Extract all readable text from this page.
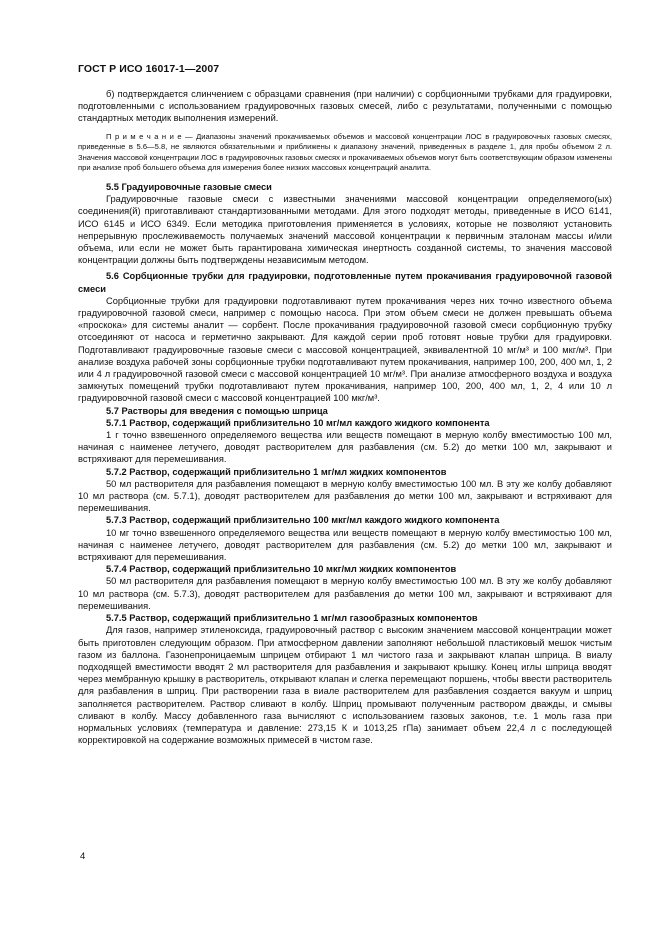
ГОСТ Р ИСО 16017-1—2007

б) подтверждается слинчением с образцами сравнения (при наличии) с сорбционными трубками для градуировки, подготовленными с использованием градуировочных газовых смесей, либо с результатами, полученными с помощью стандартных методик выполнения измерений.

П р и м е ч а н и е — Диапазоны значений прокачиваемых объемов и массовой концентрации ЛОС в градуировочных газовых смесях, приведенные в 5.6—5.8, не являются обязательными и приближены к диапазону значений, приведенных в разделе 1, для пробы объемом 2 л. Значения массовой концентрации ЛОС в градуировочных газовых смесях и прокачиваемых объемов могут быть соответствующим образом изменены при анализе проб большего объема для измерения более низких массовых концентраций аналита.

5.5 Градуировочные газовые смеси

Градуировочные газовые смеси с известными значениями массовой концентрации определяемого(ых) соединения(й) приготавливают стандартизованными методами. Для этого подходят методы, приведенные в ИСО 6141, ИСО 6145 и ИСО 6349. Если методика приготовления применяется в условиях, которые не позволяют установить непрерывную прослеживаемость получаемых значений массовой концентрации к первичным эталонам массы и/или объема, или если не может быть гарантирована химическая инертность созданной системы, то значения массовой концентрации должны быть подтверждены независимым методом.

5.6 Сорбционные трубки для градуировки, подготовленные путем прокачивания градуировочной газовой смеси

Сорбционные трубки для градуировки подготавливают путем прокачивания через них точно известного объема градуировочной газовой смеси, например с помощью насоса. При этом объем смеси не должен превышать объема «проскока» для системы аналит — сорбент. После прокачивания градуировочной газовой смеси сорбционную трубку отсоединяют от насоса и герметично закрывают. Для каждой серии проб готовят новые трубки для градуировки. Подготавливают градуировочные газовые смеси с массовой концентрацией, эквивалентной 10 мг/м³ и 100 мкг/м³. При анализе воздуха рабочей зоны сорбционные трубки подготавливают путем прокачивания, например 100, 200, 400 мл, 1, 2 или 4 л градуировочной газовой смеси с массовой концентрацией 10 мг/м³. При анализе атмосферного воздуха и воздуха замкнутых помещений трубки подготавливают путем прокачивания, например 100, 200, 400 мл, 1, 2, 4 или 10 л градуировочной газовой смеси с массовой концентрацией 100 мкг/м³.

5.7 Растворы для введения с помощью шприца
5.7.1 Раствор, содержащий приблизительно 10 мг/мл каждого жидкого компонента

1 г точно взвешенного определяемого вещества или веществ помещают в мерную колбу вместимостью 100 мл, начиная с наименее летучего, доводят растворителем для разбавления (см. 5.2) до метки 100 мл, закрывают и встряхивают для перемешивания.

5.7.2 Раствор, содержащий приблизительно 1 мг/мл жидких компонентов

50 мл растворителя для разбавления помещают в мерную колбу вместимостью 100 мл. В эту же колбу добавляют 10 мл раствора (см. 5.7.1), доводят растворителем для разбавления до метки 100 мл, закрывают и встряхивают для перемешивания.

5.7.3 Раствор, содержащий приблизительно 100 мкг/мл каждого жидкого компонента

10 мг точно взвешенного определяемого вещества или веществ помещают в мерную колбу вместимостью 100 мл, начиная с наименее летучего, доводят растворителем для разбавления (см. 5.2) до метки 100 мл, закрывают и встряхивают для перемешивания.

5.7.4 Раствор, содержащий приблизительно 10 мкг/мл жидких компонентов

50 мл растворителя для разбавления помещают в мерную колбу вместимостью 100 мл. В эту же колбу добавляют 10 мл раствора (см. 5.7.3), доводят растворителем для разбавления до метки 100 мл, закрывают и встряхивают для перемешивания.

5.7.5 Раствор, содержащий приблизительно 1 мг/мл газообразных компонентов

Для газов, например этиленоксида, градуировочный раствор с высоким значением массовой концентрации может быть приготовлен следующим образом. При атмосферном давлении заполняют небольшой пластиковый мешок чистым газом из баллона. Газонепроницаемым шприцем отбирают 1 мл чистого газа и закрывают клапан шприца. В виалу подходящей вместимости вводят 2 мл растворителя для разбавления и закрывают крышку. Конец иглы шприца вводят через мембранную крышку в растворитель, открывают клапан и слегка перемещают поршень, чтобы ввести растворитель для разбавления в шприц. При растворении газа в виале растворителем для разбавления создается вакуум и шприц заполняется растворителем. Раствор сливают в колбу. Шприц промывают полученным раствором дважды, и смывы сливают в колбу. Массу добавленного газа вычисляют с использованием газовых законов, т.е. 1 моль газа при нормальных условиях (температура и давление: 273,15 К и 1013,25 гПа) занимает объем 22,4 л с последующей корректировкой на содержание возможных примесей в чистом газе.

4
